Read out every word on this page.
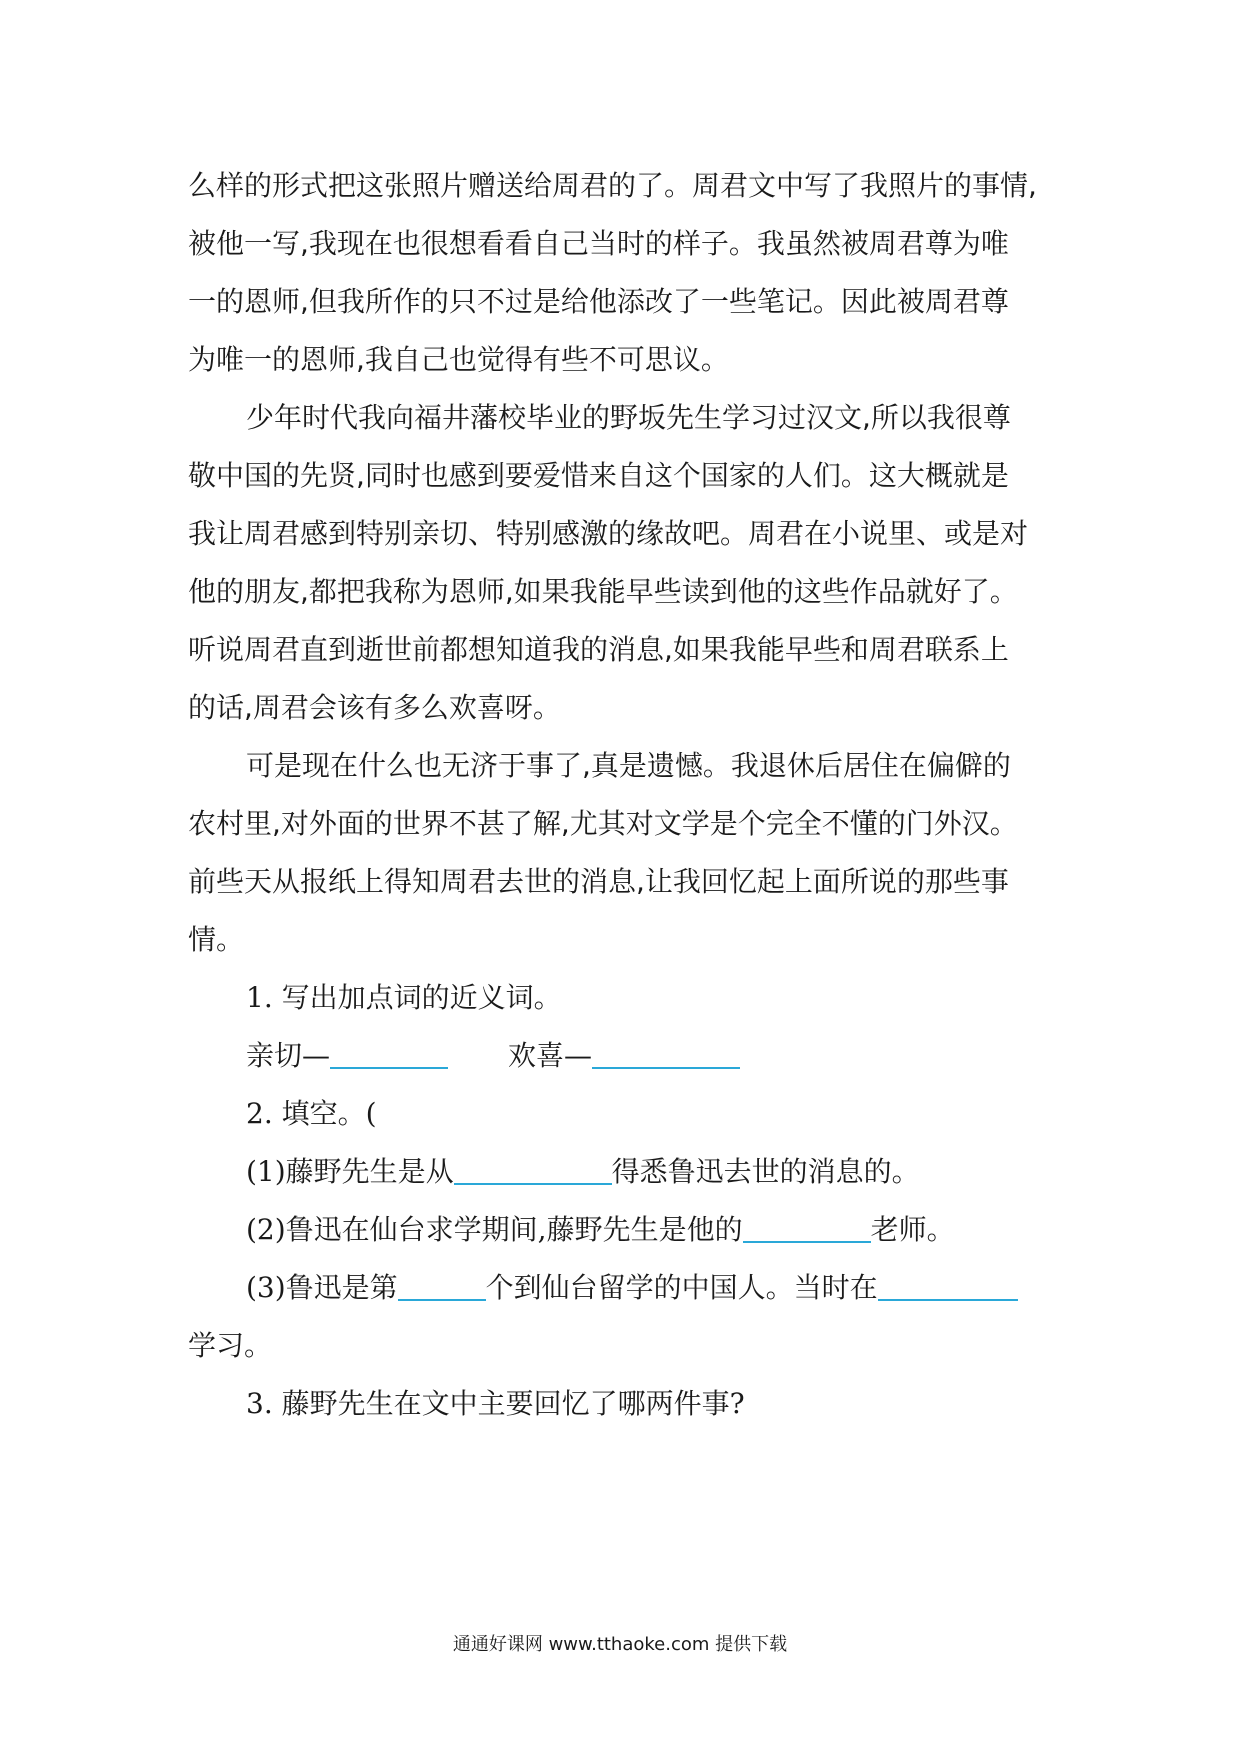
么样的形式把这张照片赠送给周君的了。周君文中写了我照片的事情,
被他一写,我现在也很想看看自己当时的样子。我虽然被周君尊为唯
一的恩师,但我所作的只不过是给他添改了一些笔记。因此被周君尊
为唯一的恩师,我自己也觉得有些不可思议。
少年时代我向福井藩校毕业的野坂先生学习过汉文,所以我很尊
敬中国的先贤,同时也感到要爱惜来自这个国家的人们。这大概就是
我让周君感到特别亲切、特别感激的缘故吧。周君在小说里、或是对
他的朋友,都把我称为恩师,如果我能早些读到他的这些作品就好了。
听说周君直到逝世前都想知道我的消息,如果我能早些和周君联系上
的话,周君会该有多么欢喜呀。
可是现在什么也无济于事了,真是遗憾。我退休后居住在偏僻的
农村里,对外面的世界不甚了解,尤其对文学是个完全不懂的门外汉。
前些天从报纸上得知周君去世的消息,让我回忆起上面所说的那些事
情。
1. 写出加点词的近义词。
亲切—	欢喜—
2. 填空。(
(1)藤野先生是从	得悉鲁迅去世的消息的。
(2)鲁迅在仙台求学期间,藤野先生是他的	老师。
(3)鲁迅是第	个到仙台留学的中国人。当时在
学习。
3. 藤野先生在文中主要回忆了哪两件事?
通通好课网 www.tthaoke.com 提供下载
